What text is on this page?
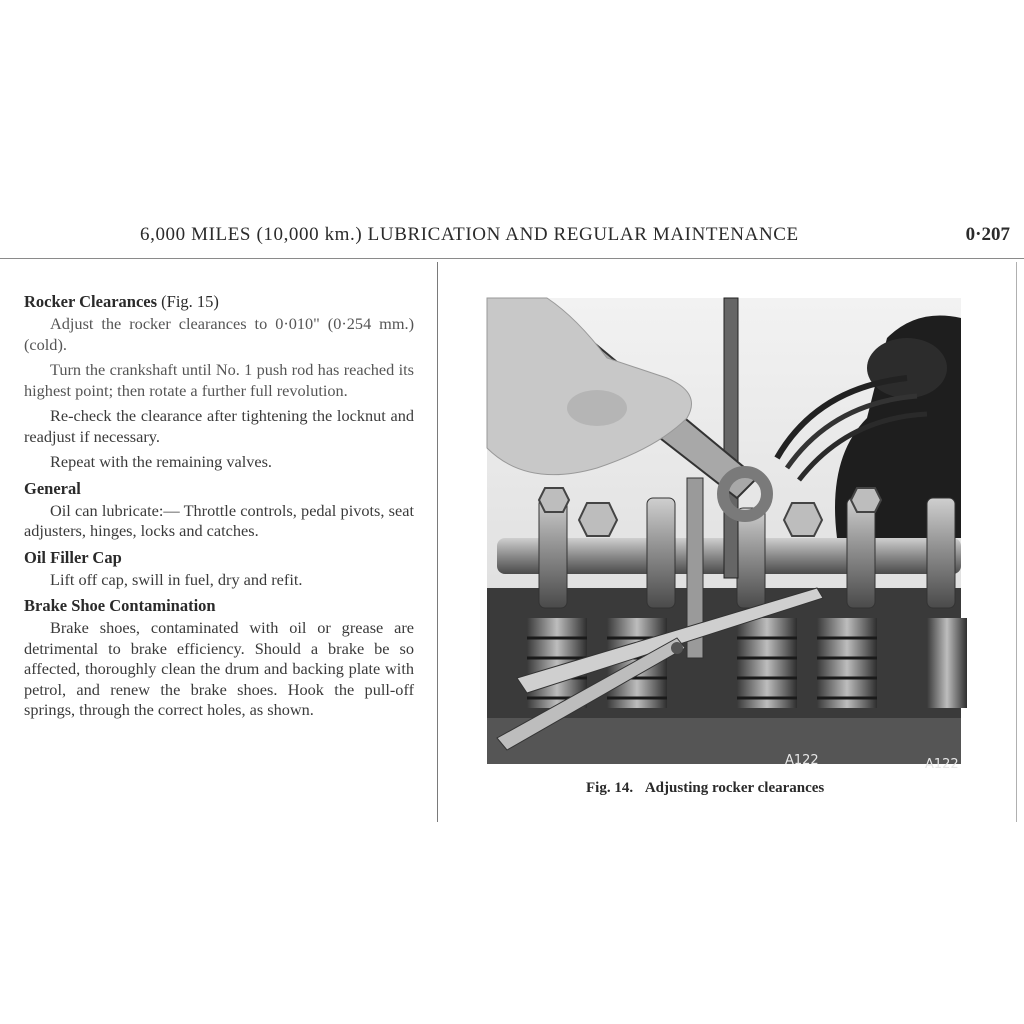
6,000 MILES (10,000 km.) LUBRICATION AND REGULAR MAINTENANCE	0·207
Rocker Clearances (Fig. 15)

Adjust the rocker clearances to 0·010" (0·254 mm.) (cold).

Turn the crankshaft until No. 1 push rod has reached its highest point; then rotate a further full revolution.

Re-check the clearance after tightening the locknut and readjust if necessary.

Repeat with the remaining valves.

General

Oil can lubricate:— Throttle controls, pedal pivots, seat adjusters, hinges, locks and catches.

Oil Filler Cap

Lift off cap, swill in fuel, dry and refit.

Brake Shoe Contamination

Brake shoes, contaminated with oil or grease are detrimental to brake efficiency. Should a brake be so affected, thoroughly clean the drum and backing plate with petrol, and renew the brake shoes. Hook the pull-off springs, through the correct holes, as shown.

A122	A122
Fig. 14. Adjusting rocker clearances
